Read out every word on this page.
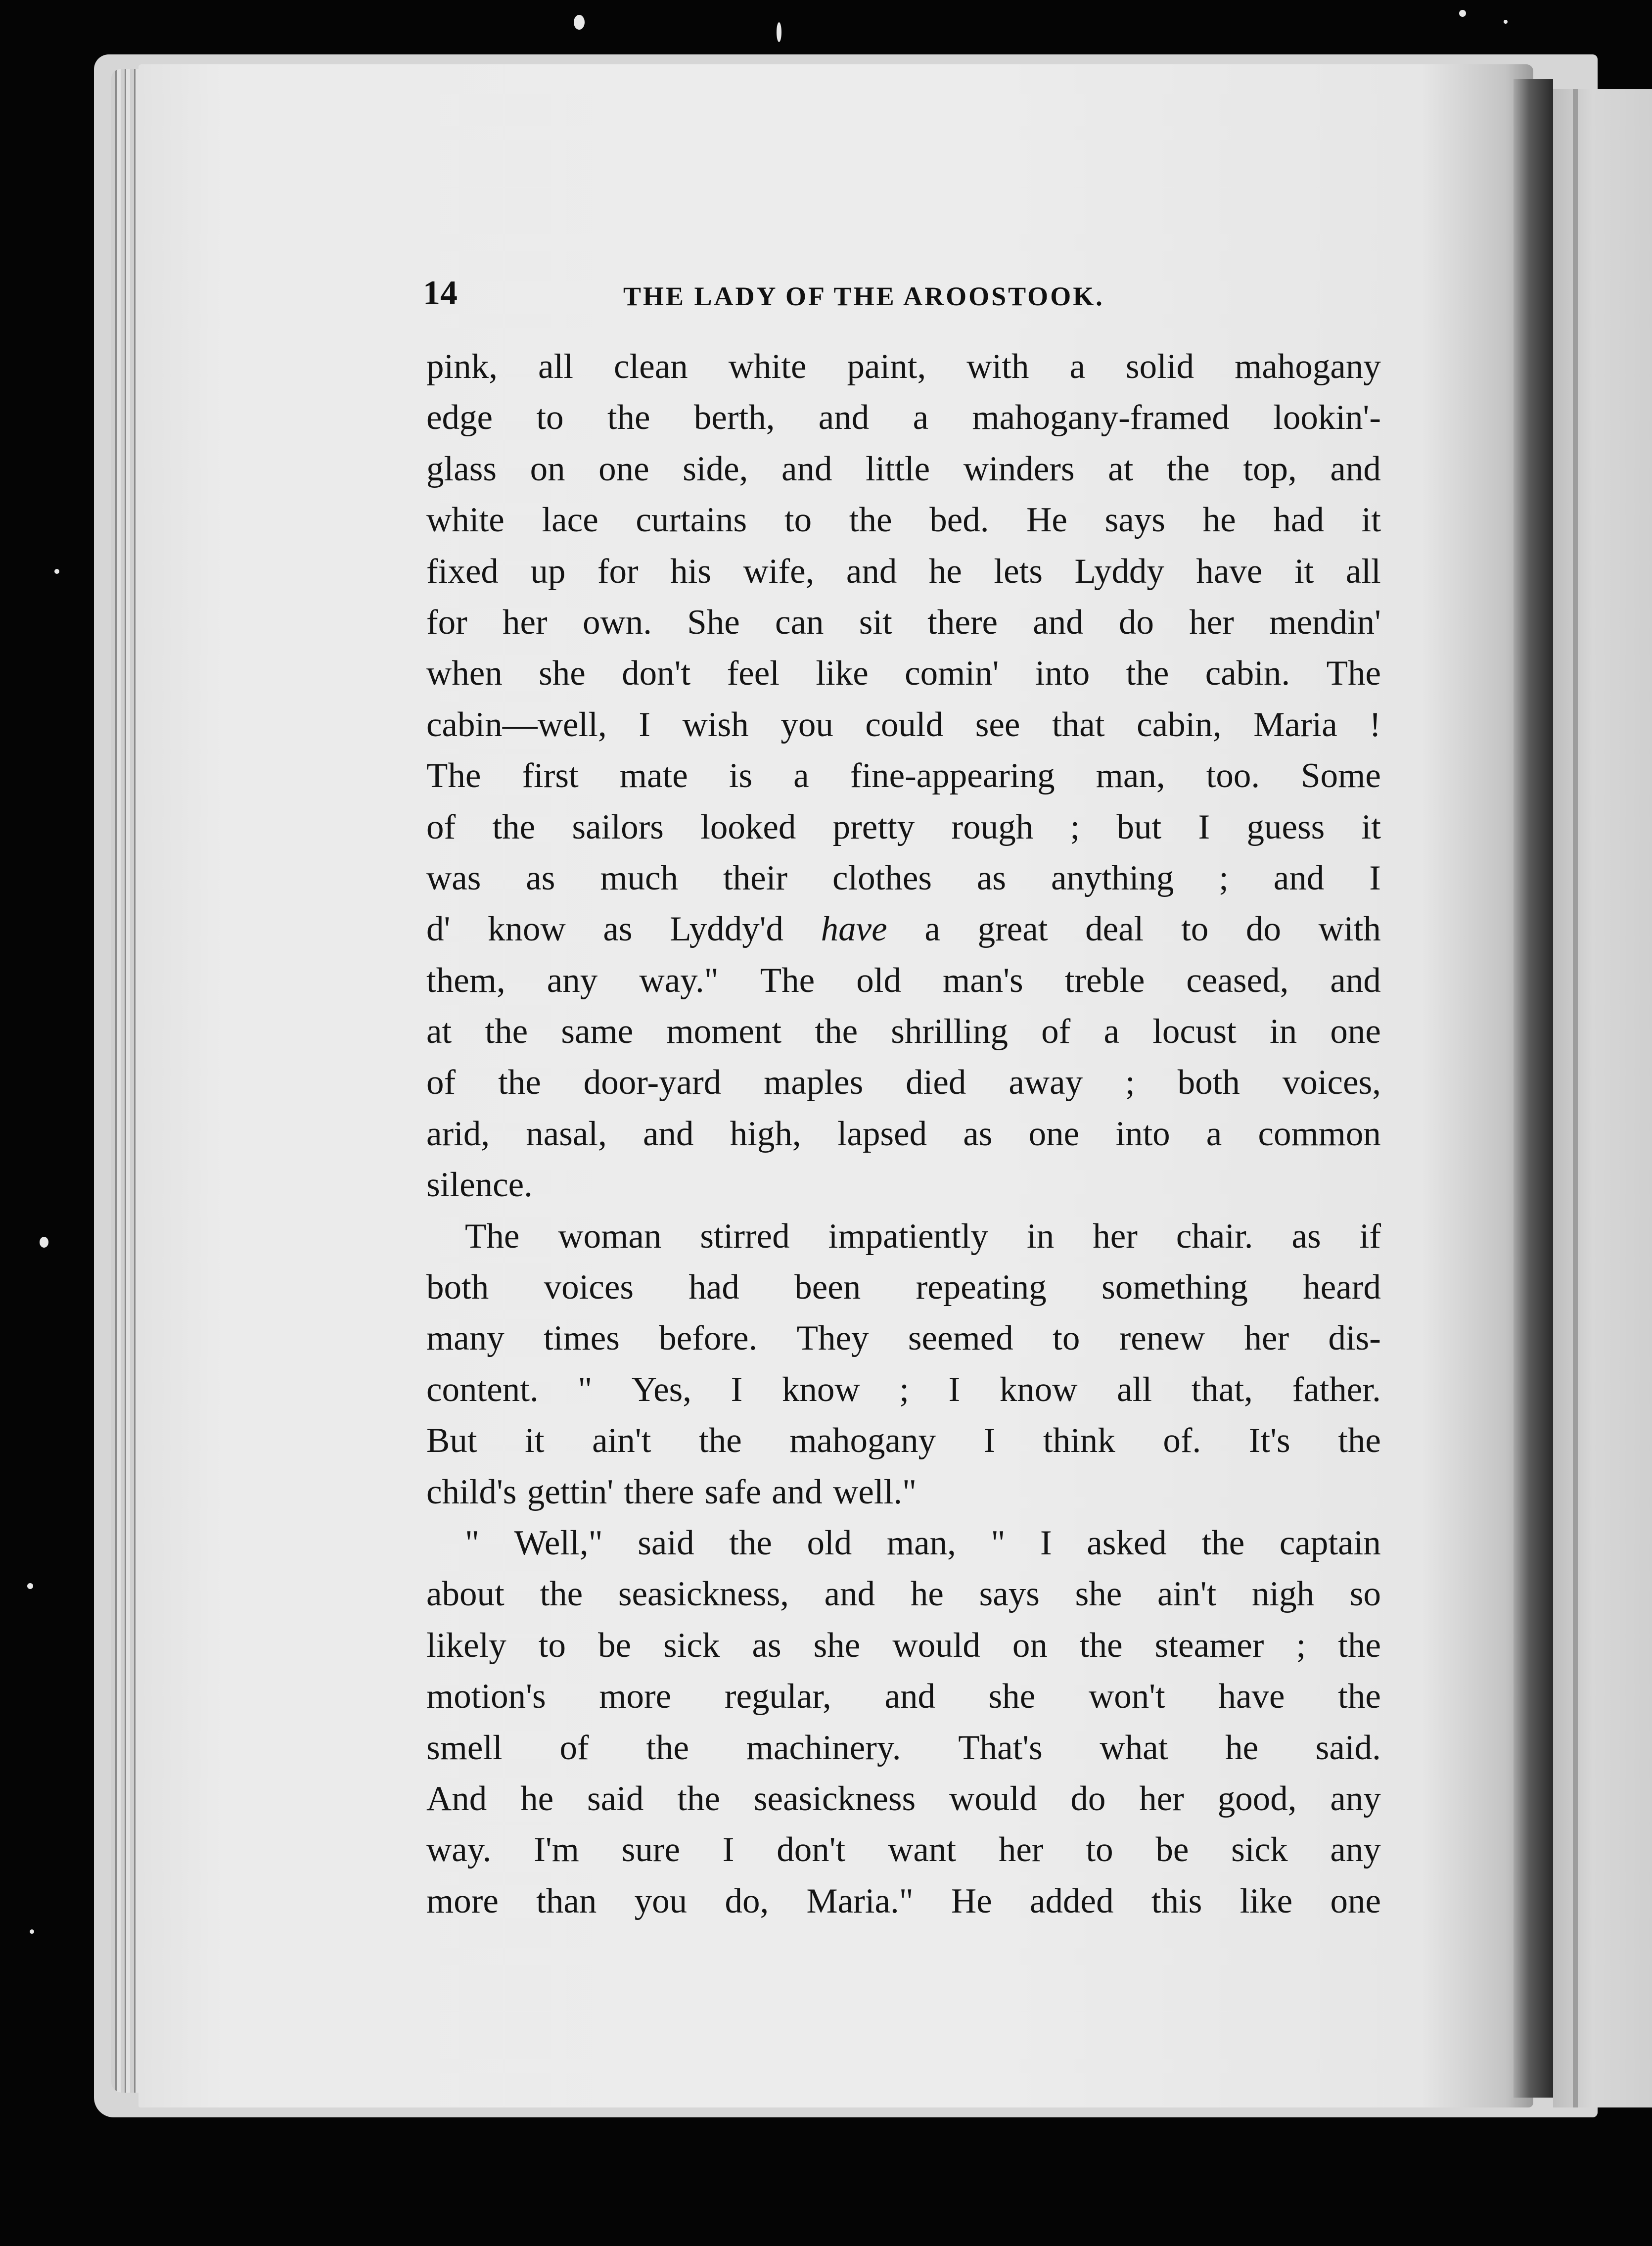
14	THE LADY OF THE AROOSTOOK.
pink, all clean white paint, with a solid mahogany
edge to the berth, and a mahogany-framed lookin'-
glass on one side, and little winders at the top, and
white lace curtains to the bed. He says he had it
fixed up for his wife, and he lets Lyddy have it all
for her own. She can sit there and do her mendin'
when she don't feel like comin' into the cabin. The
cabin—well, I wish you could see that cabin, Maria !
The first mate is a fine-appearing man, too. Some
of the sailors looked pretty rough ; but I guess it
was as much their clothes as anything ; and I
d' know as Lyddy'd have a great deal to do with
them, any way." The old man's treble ceased, and
at the same moment the shrilling of a locust in one
of the door-yard maples died away ; both voices,
arid, nasal, and high, lapsed as one into a common
silence.
The woman stirred impatiently in her chair. as if
both voices had been repeating something heard
many times before. They seemed to renew her dis-
content. " Yes, I know ; I know all that, father.
But it ain't the mahogany I think of. It's the
child's gettin' there safe and well."
" Well," said the old man, " I asked the captain
about the seasickness, and he says she ain't nigh so
likely to be sick as she would on the steamer ; the
motion's more regular, and she won't have the
smell of the machinery. That's what he said.
And he said the seasickness would do her good, any
way. I'm sure I don't want her to be sick any
more than you do, Maria." He added this like one
